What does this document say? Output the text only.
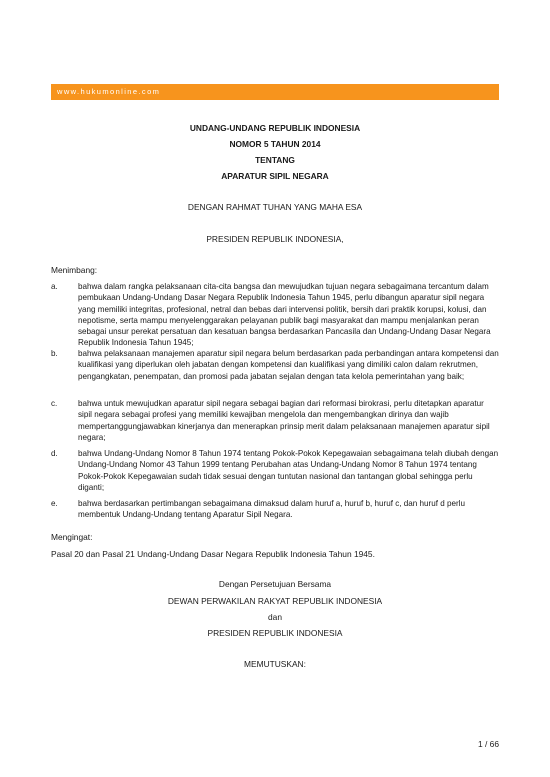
www.hukumonline.com
UNDANG-UNDANG REPUBLIK INDONESIA
NOMOR 5 TAHUN 2014
TENTANG
APARATUR SIPIL NEGARA
DENGAN RAHMAT TUHAN YANG MAHA ESA
PRESIDEN REPUBLIK INDONESIA,
Menimbang:
a.	bahwa dalam rangka pelaksanaan cita-cita bangsa dan mewujudkan tujuan negara sebagaimana tercantum dalam pembukaan Undang-Undang Dasar Negara Republik Indonesia Tahun 1945, perlu dibangun aparatur sipil negara yang memiliki integritas, profesional, netral dan bebas dari intervensi politik, bersih dari praktik korupsi, kolusi, dan nepotisme, serta mampu menyelenggarakan pelayanan publik bagi masyarakat dan mampu menjalankan peran sebagai unsur perekat persatuan dan kesatuan bangsa berdasarkan Pancasila dan Undang-Undang Dasar Negara Republik Indonesia Tahun 1945;
b.	bahwa pelaksanaan manajemen aparatur sipil negara belum berdasarkan pada perbandingan antara kompetensi dan kualifikasi yang diperlukan oleh jabatan dengan kompetensi dan kualifikasi yang dimiliki calon dalam rekrutmen, pengangkatan, penempatan, dan promosi pada jabatan sejalan dengan tata kelola pemerintahan yang baik;
c.	bahwa untuk mewujudkan aparatur sipil negara sebagai bagian dari reformasi birokrasi, perlu ditetapkan aparatur sipil negara sebagai profesi yang memiliki kewajiban mengelola dan mengembangkan dirinya dan wajib mempertanggungjawabkan kinerjanya dan menerapkan prinsip merit dalam pelaksanaan manajemen aparatur sipil negara;
d.	bahwa Undang-Undang Nomor 8 Tahun 1974 tentang Pokok-Pokok Kepegawaian sebagaimana telah diubah dengan Undang-Undang Nomor 43 Tahun 1999 tentang Perubahan atas Undang-Undang Nomor 8 Tahun 1974 tentang Pokok-Pokok Kepegawaian sudah tidak sesuai dengan tuntutan nasional dan tantangan global sehingga perlu diganti;
e.	bahwa berdasarkan pertimbangan sebagaimana dimaksud dalam huruf a, huruf b, huruf c, dan huruf d perlu membentuk Undang-Undang tentang Aparatur Sipil Negara.
Mengingat:
Pasal 20 dan Pasal 21 Undang-Undang Dasar Negara Republik Indonesia Tahun 1945.
Dengan Persetujuan Bersama
DEWAN PERWAKILAN RAKYAT REPUBLIK INDONESIA
dan
PRESIDEN REPUBLIK INDONESIA
MEMUTUSKAN:
1 / 66
